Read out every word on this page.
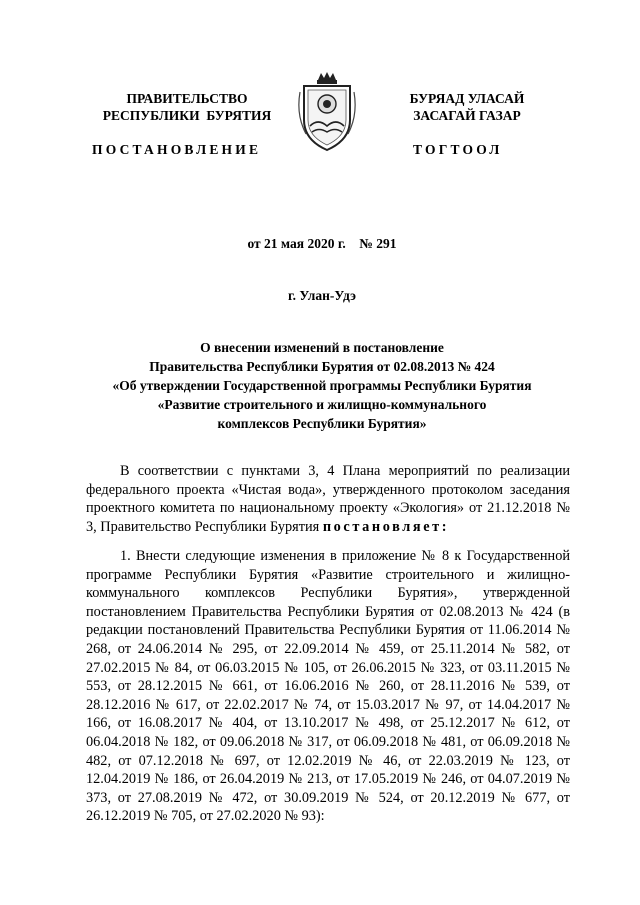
ПРАВИТЕЛЬСТВО
РЕСПУБЛИКИ  БУРЯТИЯ
ПОСТАНОВЛЕНИЕ
БУРЯАД УЛАСАЙ
ЗАСАГАЙ ГАЗАР
ТОГТООЛ
от 21 мая 2020 г.    № 291
г. Улан-Удэ
О внесении изменений в постановление
Правительства Республики Бурятия от 02.08.2013 № 424
«Об утверждении Государственной программы Республики Бурятия
«Развитие строительного и жилищно-коммунального
комплексов Республики Бурятия»
В соответствии с пунктами 3, 4 Плана мероприятий по реализации федерального проекта «Чистая вода», утвержденного протоколом заседания проектного комитета по национальному проекту «Экология» от 21.12.2018 № 3, Правительство Республики Бурятия постановляет:
1. Внести следующие изменения в приложение № 8 к Государственной программе Республики Бурятия «Развитие строительного и жилищно-коммунального комплексов Республики Бурятия», утвержденной постановлением Правительства Республики Бурятия от 02.08.2013 № 424 (в редакции постановлений Правительства Республики Бурятия от 11.06.2014 № 268, от 24.06.2014 № 295, от 22.09.2014 № 459, от 25.11.2014 № 582, от 27.02.2015 № 84, от 06.03.2015 № 105, от 26.06.2015 № 323, от 03.11.2015 № 553, от 28.12.2015 № 661, от 16.06.2016 № 260, от 28.11.2016 № 539, от 28.12.2016 № 617, от 22.02.2017 № 74, от 15.03.2017 № 97, от 14.04.2017 № 166, от 16.08.2017 № 404, от 13.10.2017 № 498, от 25.12.2017 № 612, от 06.04.2018 № 182, от 09.06.2018 № 317, от 06.09.2018 № 481, от 06.09.2018 № 482, от 07.12.2018 № 697, от 12.02.2019 № 46, от 22.03.2019 № 123, от 12.04.2019 № 186, от 26.04.2019 № 213, от 17.05.2019 № 246, от 04.07.2019 № 373, от 27.08.2019 № 472, от 30.09.2019 № 524, от 20.12.2019 № 677, от 26.12.2019 № 705, от 27.02.2020 № 93):
